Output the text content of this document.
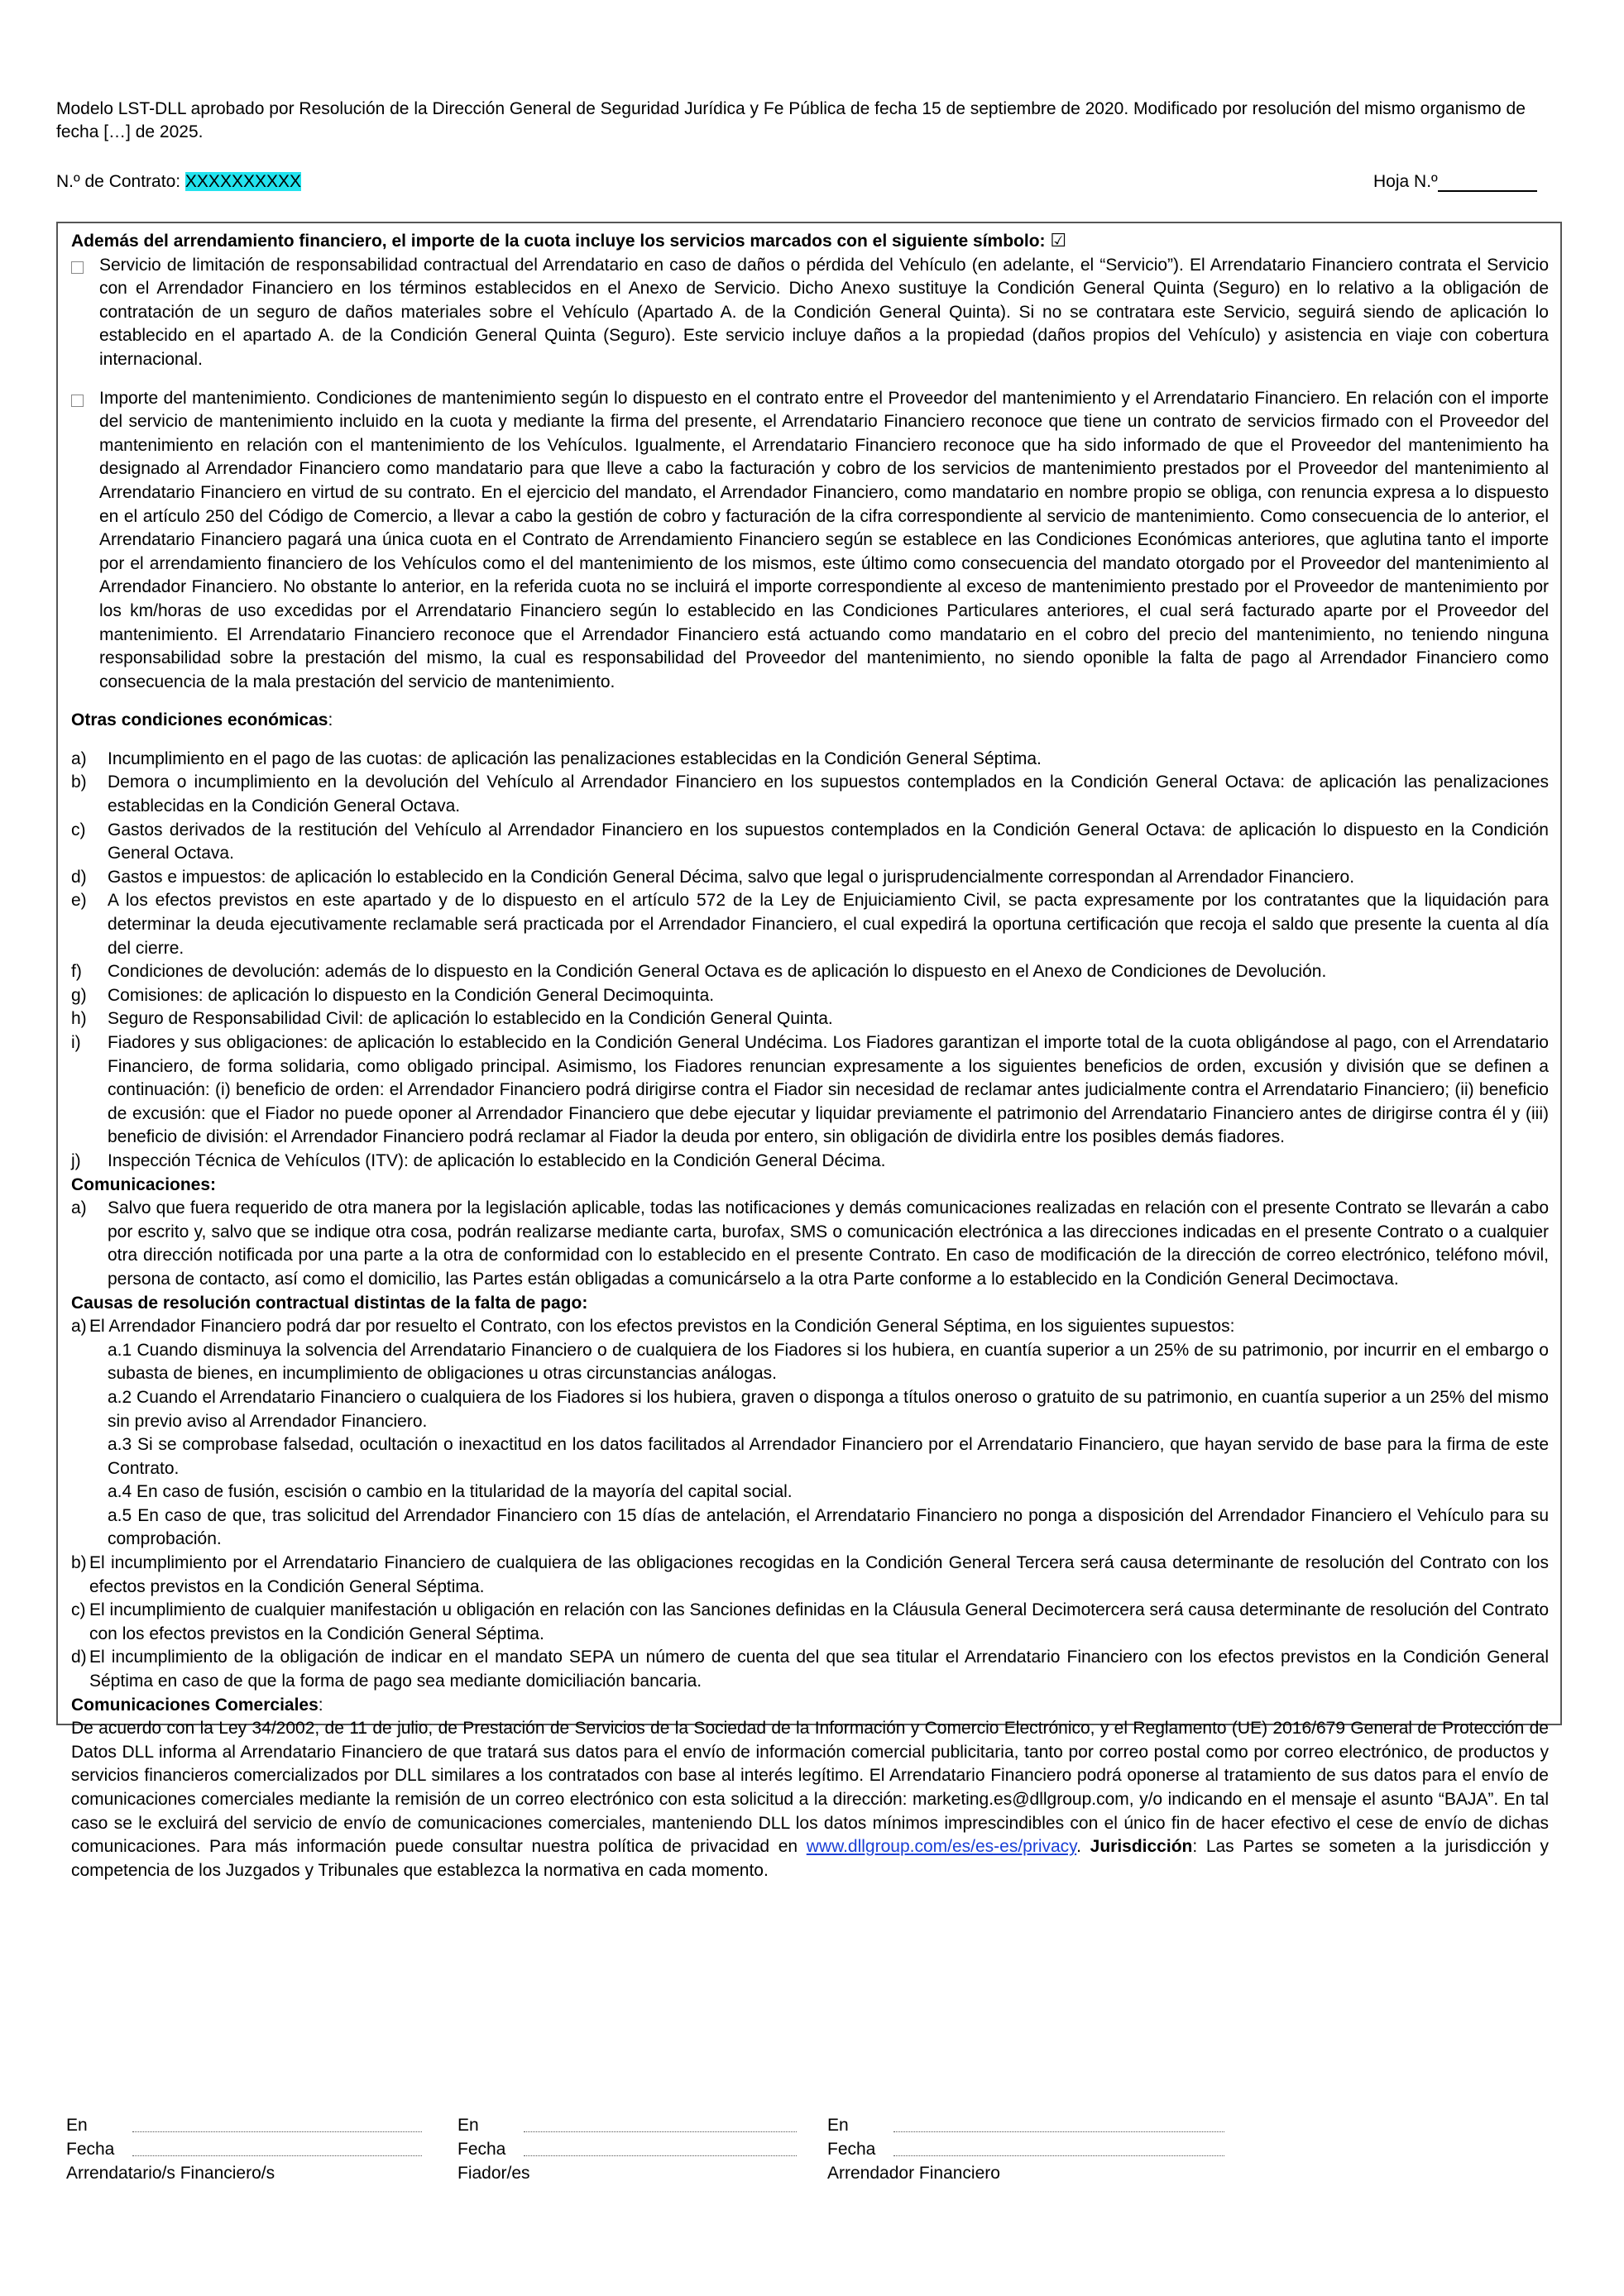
Modelo LST-DLL aprobado por Resolución de la Dirección General de Seguridad Jurídica y Fe Pública de fecha 15 de septiembre de 2020. Modificado por resolución del mismo organismo de fecha […] de 2025.
N.º de Contrato: XXXXXXXXXX	Hoja N.º

Además del arrendamiento financiero, el importe de la cuota incluye los servicios marcados con el siguiente símbolo: ☑

Servicio de limitación de responsabilidad contractual del Arrendatario en caso de daños o pérdida del Vehículo (en adelante, el “Servicio”). El Arrendatario Financiero contrata el Servicio con el Arrendador Financiero en los términos establecidos en el Anexo de Servicio. Dicho Anexo sustituye la Condición General Quinta (Seguro) en lo relativo a la obligación de contratación de un seguro de daños materiales sobre el Vehículo (Apartado A. de la Condición General Quinta). Si no se contratara este Servicio, seguirá siendo de aplicación lo establecido en el apartado A. de la Condición General Quinta (Seguro). Este servicio incluye daños a la propiedad (daños propios del Vehículo) y asistencia en viaje con cobertura internacional.
Importe del mantenimiento. Condiciones de mantenimiento según lo dispuesto en el contrato entre el Proveedor del mantenimiento y el Arrendatario Financiero. En relación con el importe del servicio de mantenimiento incluido en la cuota y mediante la firma del presente, el Arrendatario Financiero reconoce que tiene un contrato de servicios firmado con el Proveedor del mantenimiento en relación con el mantenimiento de los Vehículos. Igualmente, el Arrendatario Financiero reconoce que ha sido informado de que el Proveedor del mantenimiento ha designado al Arrendador Financiero como mandatario para que lleve a cabo la facturación y cobro de los servicios de mantenimiento prestados por el Proveedor del mantenimiento al Arrendatario Financiero en virtud de su contrato. En el ejercicio del mandato, el Arrendador Financiero, como mandatario en nombre propio se obliga, con renuncia expresa a lo dispuesto en el artículo 250 del Código de Comercio, a llevar a cabo la gestión de cobro y facturación de la cifra correspondiente al servicio de mantenimiento. Como consecuencia de lo anterior, el Arrendatario Financiero pagará una única cuota en el Contrato de Arrendamiento Financiero según se establece en las Condiciones Económicas anteriores, que aglutina tanto el importe por el arrendamiento financiero de los Vehículos como el del mantenimiento de los mismos, este último como consecuencia del mandato otorgado por el Proveedor del mantenimiento al Arrendador Financiero. No obstante lo anterior, en la referida cuota no se incluirá el importe correspondiente al exceso de mantenimiento prestado por el Proveedor de mantenimiento por los km/horas de uso excedidas por el Arrendatario Financiero según lo establecido en las Condiciones Particulares anteriores, el cual será facturado aparte por el Proveedor del mantenimiento. El Arrendatario Financiero reconoce que el Arrendador Financiero está actuando como mandatario en el cobro del precio del mantenimiento, no teniendo ninguna responsabilidad sobre la prestación del mismo, la cual es responsabilidad del Proveedor del mantenimiento, no siendo oponible la falta de pago al Arrendador Financiero como consecuencia de la mala prestación del servicio de mantenimiento.

Otras condiciones económicas:

a)	Incumplimiento en el pago de las cuotas: de aplicación las penalizaciones establecidas en la Condición General Séptima.
b)	Demora o incumplimiento en la devolución del Vehículo al Arrendador Financiero en los supuestos contemplados en la Condición General Octava: de aplicación las penalizaciones establecidas en la Condición General Octava.
c)	Gastos derivados de la restitución del Vehículo al Arrendador Financiero en los supuestos contemplados en la Condición General Octava: de aplicación lo dispuesto en la Condición General Octava.
d)	Gastos e impuestos: de aplicación lo establecido en la Condición General Décima, salvo que legal o jurisprudencialmente correspondan al Arrendador Financiero.
e)	A los efectos previstos en este apartado y de lo dispuesto en el artículo 572 de la Ley de Enjuiciamiento Civil, se pacta expresamente por los contratantes que la liquidación para determinar la deuda ejecutivamente reclamable será practicada por el Arrendador Financiero, el cual expedirá la oportuna certificación que recoja el saldo que presente la cuenta al día del cierre.
f)	Condiciones de devolución: además de lo dispuesto en la Condición General Octava es de aplicación lo dispuesto en el Anexo de Condiciones de Devolución.
g)	Comisiones: de aplicación lo dispuesto en la Condición General Decimoquinta.
h)	Seguro de Responsabilidad Civil: de aplicación lo establecido en la Condición General Quinta.
i)	Fiadores y sus obligaciones: de aplicación lo establecido en la Condición General Undécima. Los Fiadores garantizan el importe total de la cuota obligándose al pago, con el Arrendatario Financiero, de forma solidaria, como obligado principal. Asimismo, los Fiadores renuncian expresamente a los siguientes beneficios de orden, excusión y división que se definen a continuación: (i) beneficio de orden: el Arrendador Financiero podrá dirigirse contra el Fiador sin necesidad de reclamar antes judicialmente contra el Arrendatario Financiero; (ii) beneficio de excusión: que el Fiador no puede oponer al Arrendador Financiero que debe ejecutar y liquidar previamente el patrimonio del Arrendatario Financiero antes de dirigirse contra él y (iii) beneficio de división: el Arrendador Financiero podrá reclamar al Fiador la deuda por entero, sin obligación de dividirla entre los posibles demás fiadores.
j)	Inspección Técnica de Vehículos (ITV): de aplicación lo establecido en la Condición General Décima.

Comunicaciones:

a)	Salvo que fuera requerido de otra manera por la legislación aplicable, todas las notificaciones y demás comunicaciones realizadas en relación con el presente Contrato se llevarán a cabo por escrito y, salvo que se indique otra cosa, podrán realizarse mediante carta, burofax, SMS o comunicación electrónica a las direcciones indicadas en el presente Contrato o a cualquier otra dirección notificada por una parte a la otra de conformidad con lo establecido en el presente Contrato. En caso de modificación de la dirección de correo electrónico, teléfono móvil, persona de contacto, así como el domicilio, las Partes están obligadas a comunicárselo a la otra Parte conforme a lo establecido en la Condición General Decimoctava.

Causas de resolución contractual distintas de la falta de pago:

a) El Arrendador Financiero podrá dar por resuelto el Contrato, con los efectos previstos en la Condición General Séptima, en los siguientes supuestos:

a.1 Cuando disminuya la solvencia del Arrendatario Financiero o de cualquiera de los Fiadores si los hubiera, en cuantía superior a un 25% de su patrimonio, por incurrir en el embargo o subasta de bienes, en incumplimiento de obligaciones u otras circunstancias análogas.

a.2 Cuando el Arrendatario Financiero o cualquiera de los Fiadores si los hubiera, graven o disponga a títulos oneroso o gratuito de su patrimonio, en cuantía superior a un 25% del mismo sin previo aviso al Arrendador Financiero.

a.3 Si se comprobase falsedad, ocultación o inexactitud en los datos facilitados al Arrendador Financiero por el Arrendatario Financiero, que hayan servido de base para la firma de este Contrato.

a.4 En caso de fusión, escisión o cambio en la titularidad de la mayoría del capital social.

a.5 En caso de que, tras solicitud del Arrendador Financiero con 15 días de antelación, el Arrendatario Financiero no ponga a disposición del Arrendador Financiero el Vehículo para su comprobación.

b) El incumplimiento por el Arrendatario Financiero de cualquiera de las obligaciones recogidas en la Condición General Tercera será causa determinante de resolución del Contrato con los efectos previstos en la Condición General Séptima.
c) El incumplimiento de cualquier manifestación u obligación en relación con las Sanciones definidas en la Cláusula General Decimotercera será causa determinante de resolución del Contrato con los efectos previstos en la Condición General Séptima.
d) El incumplimiento de la obligación de indicar en el mandato SEPA un número de cuenta del que sea titular el Arrendatario Financiero con los efectos previstos en la Condición General Séptima en caso de que la forma de pago sea mediante domiciliación bancaria.

Comunicaciones Comerciales:

De acuerdo con la Ley 34/2002, de 11 de julio, de Prestación de Servicios de la Sociedad de la Información y Comercio Electrónico, y el Reglamento (UE) 2016/679 General de Protección de Datos DLL informa al Arrendatario Financiero de que tratará sus datos para el envío de información comercial publicitaria, tanto por correo postal como por correo electrónico, de productos y servicios financieros comercializados por DLL similares a los contratados con base al interés legítimo. El Arrendatario Financiero podrá oponerse al tratamiento de sus datos para el envío de comunicaciones comerciales mediante la remisión de un correo electrónico con esta solicitud a la dirección: marketing.es@dllgroup.com, y/o indicando en el mensaje el asunto “BAJA”. En tal caso se le excluirá del servicio de envío de comunicaciones comerciales, manteniendo DLL los datos mínimos imprescindibles con el único fin de hacer efectivo el cese de envío de dichas comunicaciones. Para más información puede consultar nuestra política de privacidad en www.dllgroup.com/es/es-es/privacy. Jurisdicción: Las Partes se someten a la jurisdicción y competencia de los Juzgados y Tribunales que establezca la normativa en cada momento.

En
Fecha
Arrendatario/s Financiero/s
En
Fecha
Fiador/es
En
Fecha
Arrendador Financiero
